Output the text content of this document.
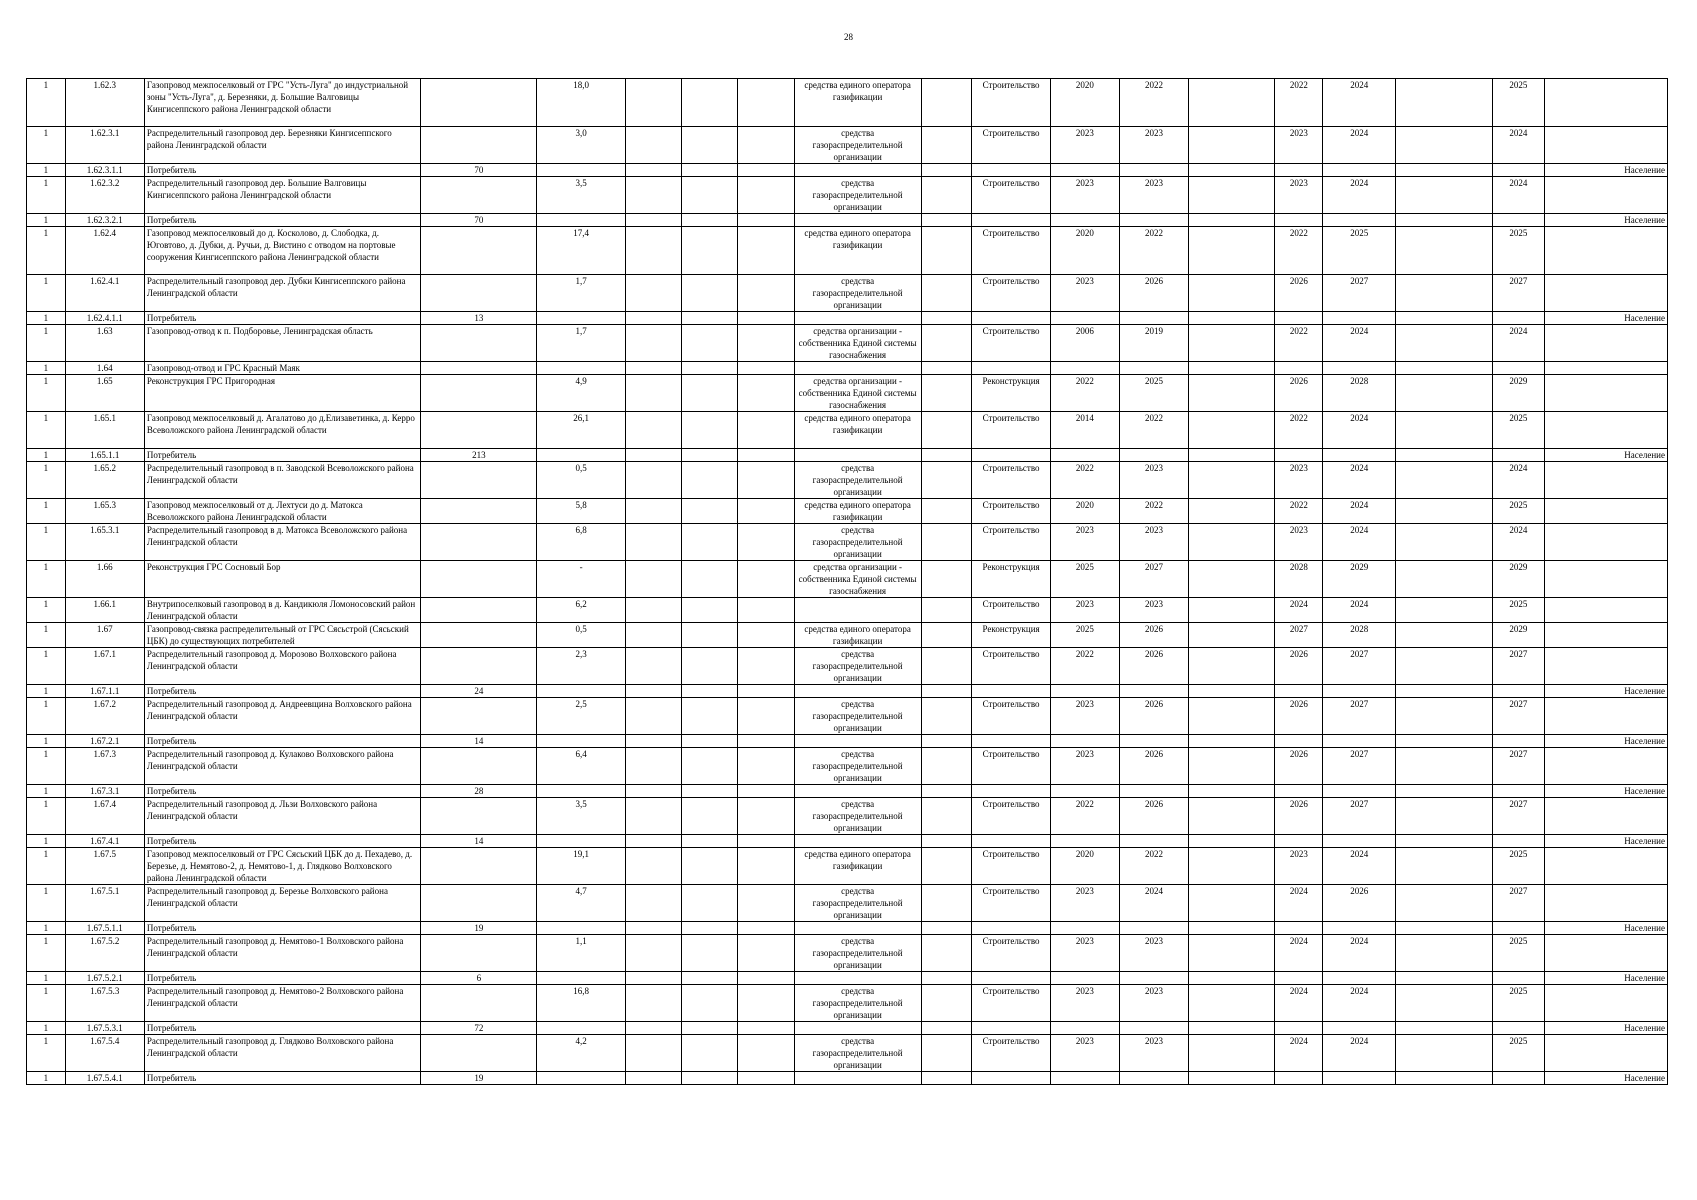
28
1	1.62.3	Газопровод межпоселковый от ГРС "Усть-Луга" до индустриальной зоны "Усть-Луга", д. Березняки, д. Большие Валговицы Кингисеппского района Ленинградской области		18,0				средства единого оператора газификации		Строительство	2020	2022		2022	2024		2025	
1	1.62.3.1	Распределительный газопровод дер. Березняки Кингисеппского района Ленинградской области		3,0				средства газораспределительной организации		Строительство	2023	2023		2023	2024		2024	
1	1.62.3.1.1	Потребитель	70															Население
1	1.62.3.2	Распределительный газопровод дер. Большие Валговицы Кингисеппского района Ленинградской области		3,5				средства газораспределительной организации		Строительство	2023	2023		2023	2024		2024	
1	1.62.3.2.1	Потребитель	70															Население
1	1.62.4	Газопровод межпоселковый до д. Косколово, д. Слободка, д. Юговтово, д. Дубки, д. Ручьи, д. Вистино с отводом на портовые сооружения Кингисеппского района Ленинградской области		17,4				средства единого оператора газификации		Строительство	2020	2022		2022	2025		2025	
1	1.62.4.1	Распределительный газопровод дер. Дубки Кингисеппского района Ленинградской области		1,7				средства газораспределительной организации		Строительство	2023	2026		2026	2027		2027	
1	1.62.4.1.1	Потребитель	13															Население
1	1.63	Газопровод-отвод к п. Подборовье, Ленинградская область		1,7				средства организации - собственника Единой системы газоснабжения		Строительство	2006	2019		2022	2024		2024	
1	1.64	Газопровод-отвод и ГРС Красный Маяк																
1	1.65	Реконструкция ГРС Пригородная		4,9				средства организации - собственника Единой системы газоснабжения		Реконструкция	2022	2025		2026	2028		2029	
1	1.65.1	Газопровод межпоселковый д. Агалатово до д.Елизаветинка, д. Керро Всеволожского района Ленинградской области		26,1				средства единого оператора газификации		Строительство	2014	2022		2022	2024		2025	
1	1.65.1.1	Потребитель	213															Население
1	1.65.2	Распределительный газопровод в п. Заводской Всеволожского района Ленинградской области		0,5				средства газораспределительной организации		Строительство	2022	2023		2023	2024		2024	
1	1.65.3	Газопровод межпоселковый от д. Лехтуси до д. Матокса Всеволожского района Ленинградской области		5,8				средства единого оператора газификации		Строительство	2020	2022		2022	2024		2025	
1	1.65.3.1	Распределительный газопровод в д. Матокса Всеволожского района Ленинградской области		6,8				средства газораспределительной организации		Строительство	2023	2023		2023	2024		2024	
1	1.66	Реконструкция ГРС Сосновый Бор		-				средства организации - собственника Единой системы газоснабжения		Реконструкция	2025	2027		2028	2029		2029	
1	1.66.1	Внутрипоселковый газопровод в д. Кандикюля Ломоносовский район Ленинградской области		6,2						Строительство	2023	2023		2024	2024		2025	
1	1.67	Газопровод-связка распределительный от ГРС Сясьстрой (Сясьский ЦБК) до существующих потребителей		0,5				средства единого оператора газификации		Реконструкция	2025	2026		2027	2028		2029	
1	1.67.1	Распределительный газопровод д. Морозово Волховского района Ленинградской области		2,3				средства газораспределительной организации		Строительство	2022	2026		2026	2027		2027	
1	1.67.1.1	Потребитель	24															Население
1	1.67.2	Распределительный газопровод д. Андреевщина Волховского района Ленинградской области		2,5				средства газораспределительной организации		Строительство	2023	2026		2026	2027		2027	
1	1.67.2.1	Потребитель	14															Население
1	1.67.3	Распределительный газопровод д. Кулаково Волховского района Ленинградской области		6,4				средства газораспределительной организации		Строительство	2023	2026		2026	2027		2027	
1	1.67.3.1	Потребитель	28															Население
1	1.67.4	Распределительный газопровод д. Льзи Волховского района Ленинградской области		3,5				средства газораспределительной организации		Строительство	2022	2026		2026	2027		2027	
1	1.67.4.1	Потребитель	14															Население
1	1.67.5	Газопровод межпоселковый от ГРС Сясьский ЦБК до д. Пехадево, д. Березье, д. Немятово-2, д. Немятово-1, д. Глядково Волховского района Ленинградской области		19,1				средства единого оператора газификации		Строительство	2020	2022		2023	2024		2025	
1	1.67.5.1	Распределительный газопровод д. Березье Волховского района Ленинградской области		4,7				средства газораспределительной организации		Строительство	2023	2024		2024	2026		2027	
1	1.67.5.1.1	Потребитель	19															Население
1	1.67.5.2	Распределительный газопровод д. Немятово-1 Волховского района Ленинградской области		1,1				средства газораспределительной организации		Строительство	2023	2023		2024	2024		2025	
1	1.67.5.2.1	Потребитель	6															Население
1	1.67.5.3	Распределительный газопровод д. Немятово-2 Волховского района Ленинградской области		16,8				средства газораспределительной организации		Строительство	2023	2023		2024	2024		2025	
1	1.67.5.3.1	Потребитель	72															Население
1	1.67.5.4	Распределительный газопровод д. Глядково Волховского района Ленинградской области		4,2				средства газораспределительной организации		Строительство	2023	2023		2024	2024		2025	
1	1.67.5.4.1	Потребитель	19															Население
